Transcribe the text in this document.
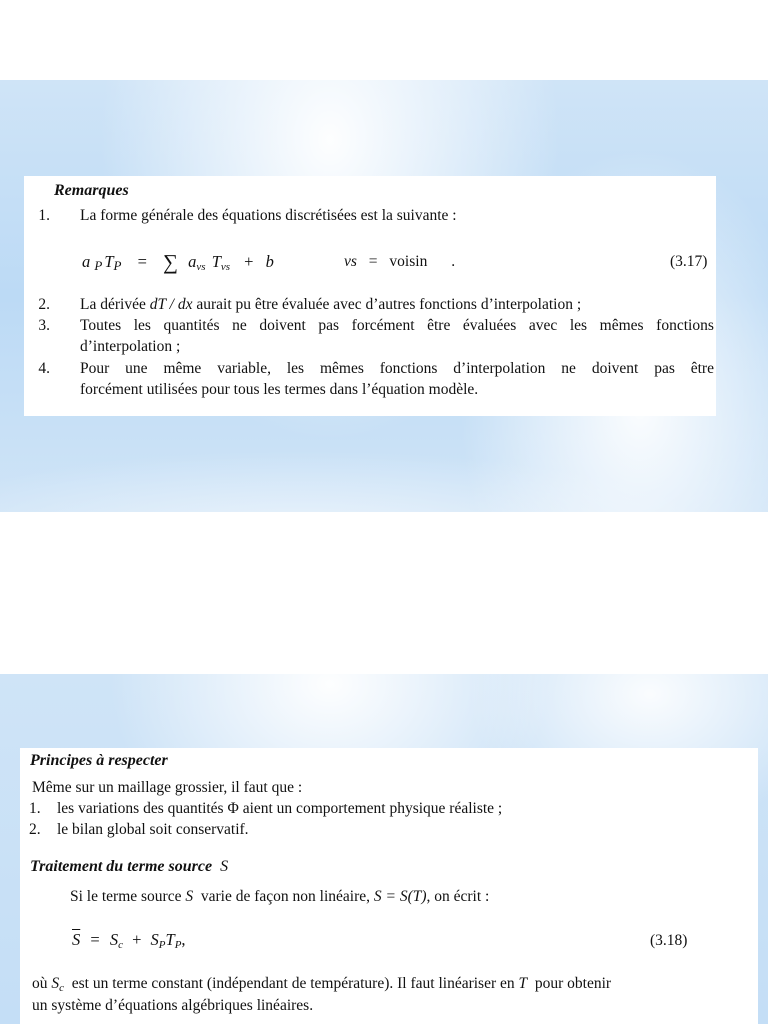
Remarques
1. La forme générale des équations discrétisées est la suivante :
a $_P$ $T_P$ = ∑ $a_{vs}$ $T_{vs} + b$	vs = voisin .	(3.17)
2. La dérivée dT / dx aurait pu être évaluée avec d’autres fonctions d’interpolation ;
3. Toutes les quantités ne doivent pas forcément être évaluées avec les mêmes fonctions
d’interpolation ;
4. Pour une même variable, les mêmes fonctions d’interpolation ne doivent pas être
forcément utilisées pour tous les termes dans l’équation modèle.
Principes à respecter
Même sur un maillage grossier, il faut que :
1. les variations des quantités Φ aient un comportement physique réaliste ;
2. le bilan global soit conservatif.
Traitement du terme source S
Si le terme source S varie de façon non linéaire, S = S(T), on écrit :
$\overline{S} = S_c + S_PT_P$,	(3.18)
où $S_c$ est un terme constant (indépendant de température). Il faut linéariser en T pour obtenir
un système d’équations algébriques linéaires.
